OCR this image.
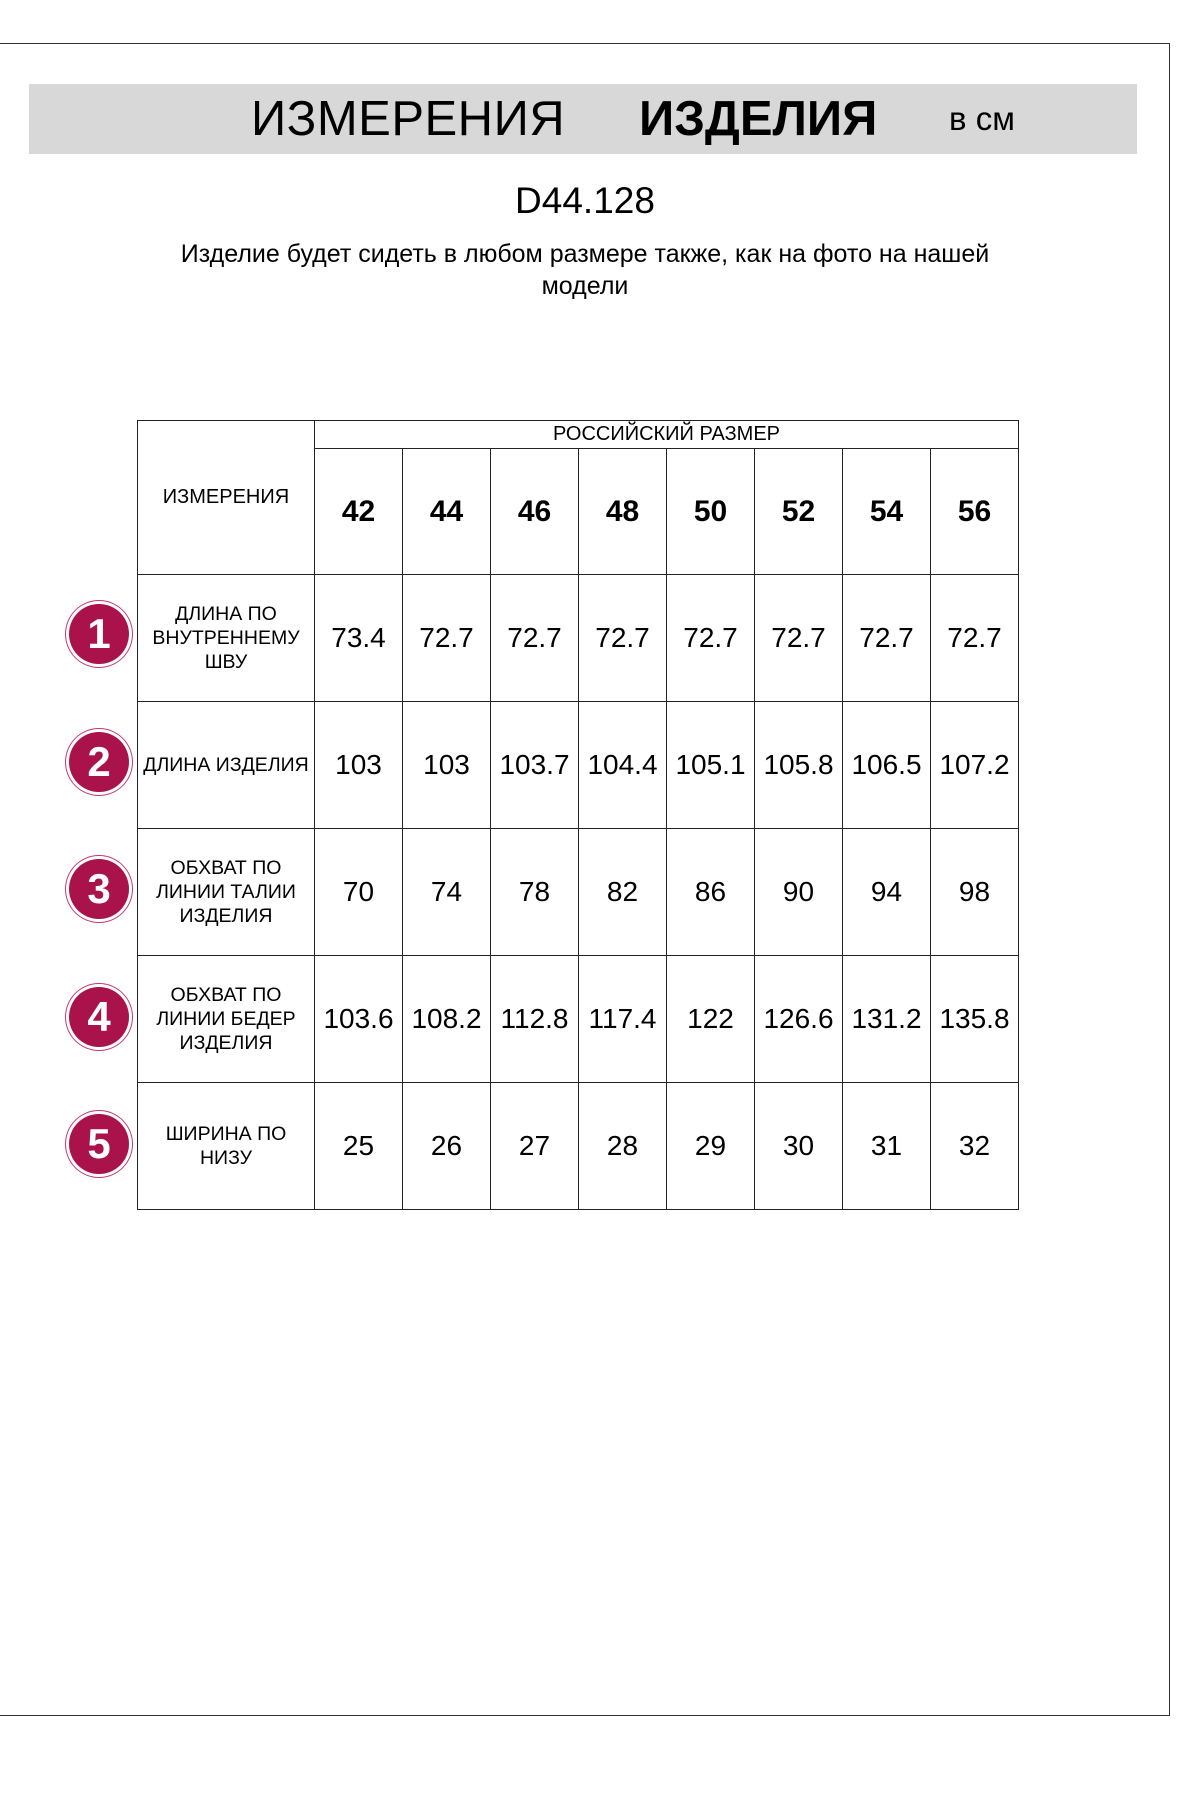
ИЗМЕРЕНИЯ ИЗДЕЛИЯ в см
D44.128
Изделие будет сидеть в любом размере также, как на фото на нашей модели
ИЗМЕРЕНИЯ	РОССИЙСКИЙ РАЗМЕР							
	42	44	46	48	50	52	54	56
ДЛИНА ПО ВНУТРЕННЕМУ ШВУ	73.4	72.7	72.7	72.7	72.7	72.7	72.7	72.7
ДЛИНА ИЗДЕЛИЯ	103	103	103.7	104.4	105.1	105.8	106.5	107.2
ОБХВАТ ПО ЛИНИИ ТАЛИИ ИЗДЕЛИЯ	70	74	78	82	86	90	94	98
ОБХВАТ ПО ЛИНИИ БЕДЕР ИЗДЕЛИЯ	103.6	108.2	112.8	117.4	122	126.6	131.2	135.8
ШИРИНА ПО НИЗУ	25	26	27	28	29	30	31	32
1
2
3
4
5
